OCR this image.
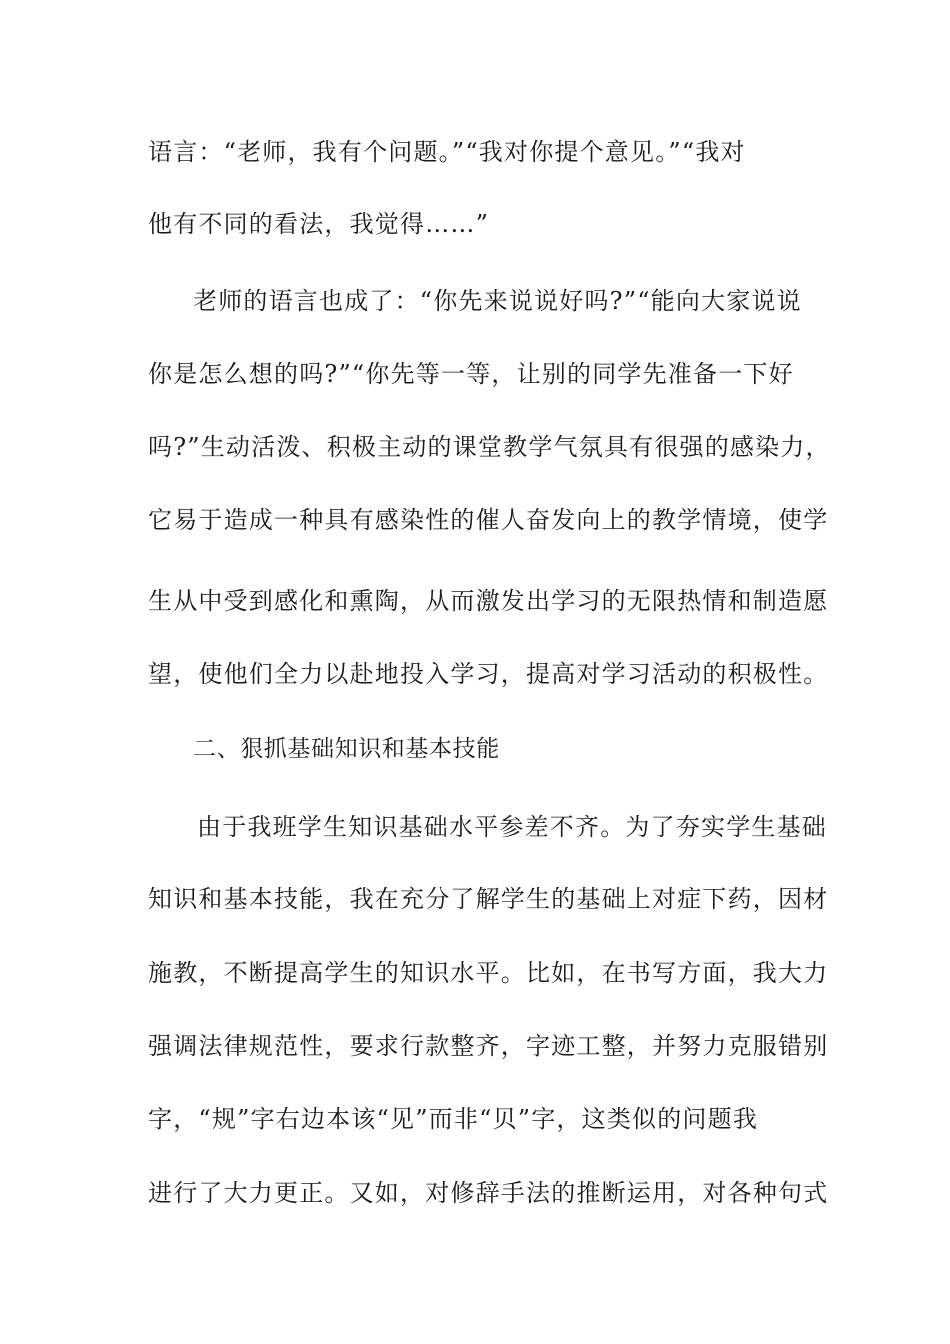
语言：“老师，我有个问题。”“我对你提个意见。”“我对
他有不同的看法，我觉得……”
老师的语言也成了：“你先来说说好吗?”“能向大家说说
你是怎么想的吗?”“你先等一等，让别的同学先准备一下好
吗?”生动活泼、积极主动的课堂教学气氛具有很强的感染力，
它易于造成一种具有感染性的催人奋发向上的教学情境，使学
生从中受到感化和熏陶，从而激发出学习的无限热情和制造愿
望，使他们全力以赴地投入学习，提高对学习活动的积极性。
二、狠抓基础知识和基本技能
由于我班学生知识基础水平参差不齐。为了夯实学生基础
知识和基本技能，我在充分了解学生的基础上对症下药，因材
施教，不断提高学生的知识水平。比如，在书写方面，我大力
强调法律规范性，要求行款整齐，字迹工整，并努力克服错别
字，“规”字右边本该“见”而非“贝”字，这类似的问题我
进行了大力更正。又如，对修辞手法的推断运用，对各种句式
